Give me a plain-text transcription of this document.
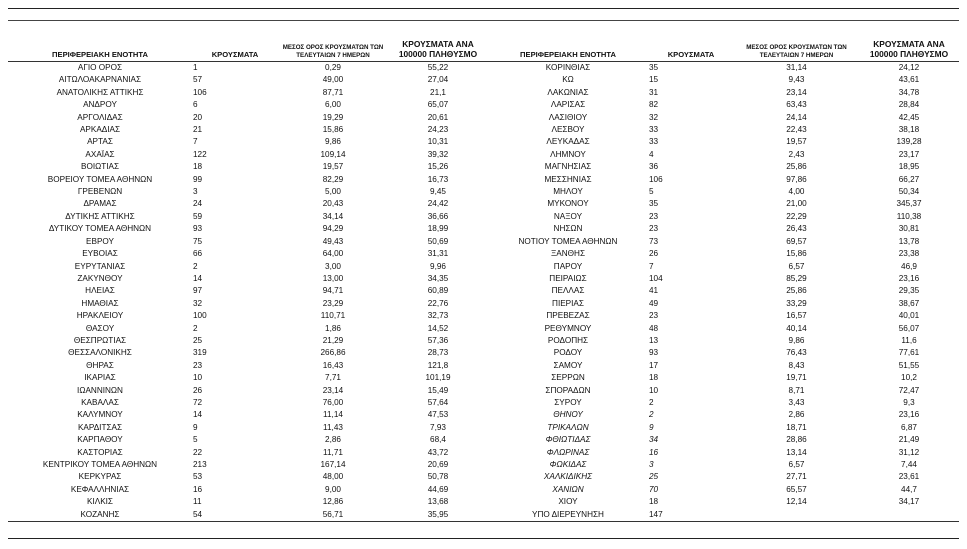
ΠΕΡΙΦΕΡΕΙΑΚΗ ΕΝΟΤΗΤΑ	ΚΡΟΥΣΜΑΤΑ	ΜΕΣΟΣ ΟΡΟΣ ΚΡΟΥΣΜΑΤΩΝ ΤΩΝ ΤΕΛΕΥΤΑΙΩΝ 7 ΗΜΕΡΩΝ	ΚΡΟΥΣΜΑΤΑ ΑΝΑ 100000 ΠΛΗΘΥΣΜΟ	ΠΕΡΙΦΕΡΕΙΑΚΗ ΕΝΟΤΗΤΑ	ΚΡΟΥΣΜΑΤΑ	ΜΕΣΟΣ ΟΡΟΣ ΚΡΟΥΣΜΑΤΩΝ ΤΩΝ ΤΕΛΕΥΤΑΙΩΝ 7 ΗΜΕΡΩΝ	ΚΡΟΥΣΜΑΤΑ ΑΝΑ 100000 ΠΛΗΘΥΣΜΟ
ΑΓΙΟ ΟΡΟΣ	1	0,29	55,22	ΚΟΡΙΝΘΙΑΣ	35	31,14	24,12
ΑΙΤΩΛΟΑΚΑΡΝΑΝΙΑΣ	57	49,00	27,04	ΚΩ	15	9,43	43,61
ΑΝΑΤΟΛΙΚΗΣ ΑΤΤΙΚΗΣ	106	87,71	21,1	ΛΑΚΩΝΙΑΣ	31	23,14	34,78
ΑΝΔΡΟΥ	6	6,00	65,07	ΛΑΡΙΣΑΣ	82	63,43	28,84
ΑΡΓΟΛΙΔΑΣ	20	19,29	20,61	ΛΑΣΙΘΙΟΥ	32	24,14	42,45
ΑΡΚΑΔΙΑΣ	21	15,86	24,23	ΛΕΣΒΟΥ	33	22,43	38,18
ΑΡΤΑΣ	7	9,86	10,31	ΛΕΥΚΑΔΑΣ	33	19,57	139,28
ΑΧΑΪΑΣ	122	109,14	39,32	ΛΗΜΝΟΥ	4	2,43	23,17
ΒΟΙΩΤΙΑΣ	18	19,57	15,26	ΜΑΓΝΗΣΙΑΣ	36	25,86	18,95
ΒΟΡΕΙΟΥ ΤΟΜΕΑ ΑΘΗΝΩΝ	99	82,29	16,73	ΜΕΣΣΗΝΙΑΣ	106	97,86	66,27
ΓΡΕΒΕΝΩΝ	3	5,00	9,45	ΜΗΛΟΥ	5	4,00	50,34
ΔΡΑΜΑΣ	24	20,43	24,42	ΜΥΚΟΝΟΥ	35	21,00	345,37
ΔΥΤΙΚΗΣ ΑΤΤΙΚΗΣ	59	34,14	36,66	ΝΑΞΟΥ	23	22,29	110,38
ΔΥΤΙΚΟΥ ΤΟΜΕΑ ΑΘΗΝΩΝ	93	94,29	18,99	ΝΗΣΩΝ	23	26,43	30,81
ΕΒΡΟΥ	75	49,43	50,69	ΝΟΤΙΟΥ ΤΟΜΕΑ ΑΘΗΝΩΝ	73	69,57	13,78
ΕΥΒΟΙΑΣ	66	64,00	31,31	ΞΑΝΘΗΣ	26	15,86	23,38
ΕΥΡΥΤΑΝΙΑΣ	2	3,00	9,96	ΠΑΡΟΥ	7	6,57	46,9
ΖΑΚΥΝΘΟΥ	14	13,00	34,35	ΠΕΙΡΑΙΩΣ	104	85,29	23,16
ΗΛΕΙΑΣ	97	94,71	60,89	ΠΕΛΛΑΣ	41	25,86	29,35
ΗΜΑΘΙΑΣ	32	23,29	22,76	ΠΙΕΡΙΑΣ	49	33,29	38,67
ΗΡΑΚΛΕΙΟΥ	100	110,71	32,73	ΠΡΕΒΕΖΑΣ	23	16,57	40,01
ΘΑΣΟΥ	2	1,86	14,52	ΡΕΘΥΜΝΟΥ	48	40,14	56,07
ΘΕΣΠΡΩΤΙΑΣ	25	21,29	57,36	ΡΟΔΟΠΗΣ	13	9,86	11,6
ΘΕΣΣΑΛΟΝΙΚΗΣ	319	266,86	28,73	ΡΟΔΟΥ	93	76,43	77,61
ΘΗΡΑΣ	23	16,43	121,8	ΣΑΜΟΥ	17	8,43	51,55
ΙΚΑΡΙΑΣ	10	7,71	101,19	ΣΕΡΡΩΝ	18	19,71	10,2
ΙΩΑΝΝΙΝΩΝ	26	23,14	15,49	ΣΠΟΡΑΔΩΝ	10	8,71	72,47
ΚΑΒΑΛΑΣ	72	76,00	57,64	ΣΥΡΟΥ	2	3,43	9,3
ΚΑΛΥΜΝΟΥ	14	11,14	47,53	ΘΗΝΟΥ	2	2,86	23,16
ΚΑΡΔΙΤΣΑΣ	9	11,43	7,93	ΤΡΙΚΑΛΩΝ	9	18,71	6,87
ΚΑΡΠΑΘΟΥ	5	2,86	68,4	ΦΘΙΩΤΙΔΑΣ	34	28,86	21,49
ΚΑΣΤΟΡΙΑΣ	22	11,71	43,72	ΦΛΩΡΙΝΑΣ	16	13,14	31,12
ΚΕΝΤΡΙΚΟΥ ΤΟΜΕΑ ΑΘΗΝΩΝ	213	167,14	20,69	ΦΩΚΙΔΑΣ	3	6,57	7,44
ΚΕΡΚΥΡΑΣ	53	48,00	50,78	ΧΑΛΚΙΔΙΚΗΣ	25	27,71	23,61
ΚΕΦΑΛΛΗΝΙΑΣ	16	9,00	44,69	ΧΑΝΙΩΝ	70	65,57	44,7
ΚΙΛΚΙΣ	11	12,86	13,68	ΧΙΟΥ	18	12,14	34,17
ΚΟΖΑΝΗΣ	54	56,71	35,95	ΥΠΟ ΔΙΕΡΕΥΝΗΣΗ	147		
